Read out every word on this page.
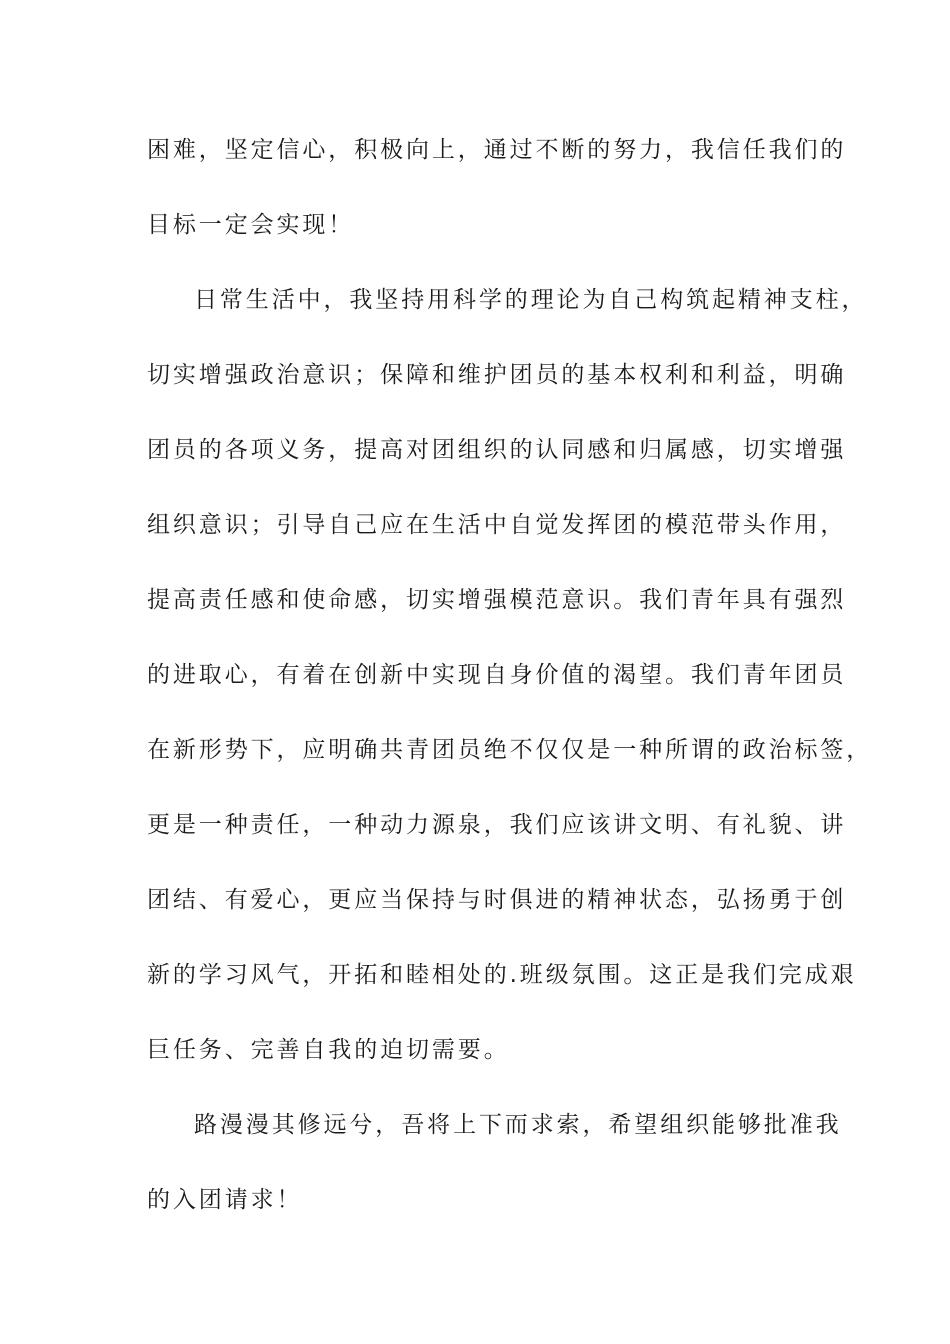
困难，坚定信心，积极向上，通过不断的努力，我信任我们的
目标一定会实现！
日常生活中，我坚持用科学的理论为自己构筑起精神支柱，
切实增强政治意识；保障和维护团员的基本权利和利益，明确
团员的各项义务，提高对团组织的认同感和归属感，切实增强
组织意识；引导自己应在生活中自觉发挥团的模范带头作用，
提高责任感和使命感，切实增强模范意识。我们青年具有强烈
的进取心，有着在创新中实现自身价值的渴望。我们青年团员
在新形势下，应明确共青团员绝不仅仅是一种所谓的政治标签，
更是一种责任，一种动力源泉，我们应该讲文明、有礼貌、讲
团结、有爱心，更应当保持与时俱进的精神状态，弘扬勇于创
新的学习风气，开拓和睦相处的.班级氛围。这正是我们完成艰
巨任务、完善自我的迫切需要。
路漫漫其修远兮，吾将上下而求索，希望组织能够批准我
的入团请求！
